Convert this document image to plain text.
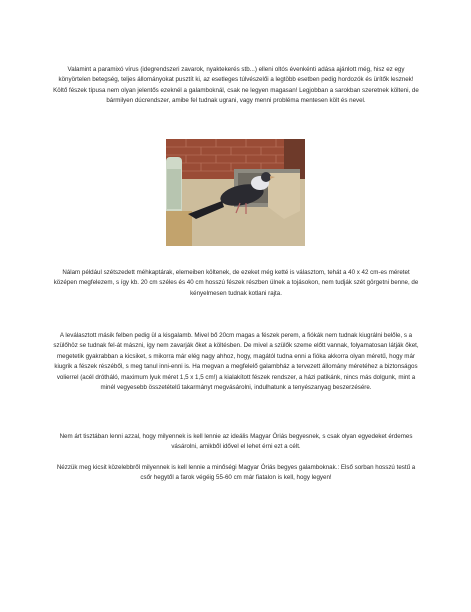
Valamint a paramixó vírus (idegrendszeri zavarok, nyaktekerés stb...) elleni oltós évenkénti adása ajánlott még, hisz ez egy könyörtelen betegség, teljes állományokat pusztít ki, az esetleges túlvészelői a legtöbb esetben pedig hordozók és ürítők lesznek! Költő fészek típusa nem olyan jelentős ezeknél a galamboknál, csak ne legyen magasan! Legjobban a sarokban szeretnek költeni, de bármilyen dúcrendszer, amibe fel tudnak ugrani, vagy menni probléma mentesen költ és nevel.

Nálam például szétszedett méhkaptárak, elemeiben költenek, de ezeket még ketté is választom, tehát a 40 x 42 cm-es méretet középen megfelezem, s így kb. 20 cm széles és 40 cm hosszú fészek részben ülnek a tojásokon, nem tudják szét görgetni benne, de kényelmesen tudnak kotlani rajta.

A leválasztott másik felben pedig ül a kisgalamb. Mivel bő 20cm magas a fészek perem, a fiókák nem tudnak kiugrálni belőle, s a szülőhöz se tudnak fel-át mászni, így nem zavarják őket a költésben. De mivel a szülők szeme előtt vannak, folyamatosan látják őket, megetetik gyakrabban a kicsiket, s mikorra már elég nagy ahhoz, hogy, magától tudna enni a fióka akkorra olyan méretű, hogy már kiugrik a fészek részéből, s meg tanul inni-enni is. Ha megvan a megfelelő galambház a tervezett állomány méretéhez a biztonságos volierrel (acél drótháló, maximum lyuk méret 1,5 x 1,5 cm!) a kialakított fészek rendszer, a házi patikánk, nincs más dolgunk, mint a minél vegyesebb összetételű takarmányt megvásárolni, indulhatunk a tenyészanyag beszerzésére.

Nem árt tisztában lenni azzal, hogy milyennek is kell lennie az ideális Magyar Óriás begyesnek, s csak olyan egyedeket érdemes vásárolni, amikből idővel el lehet érni ezt a célt.

Nézzük meg kicsit közelebbről milyennek is kell lennie a minőségi Magyar Óriás begyes galamboknak.: Első sorban hosszú testű a csőr hegytől a farok végéig 55-60 cm már fiatalon is kell, hogy legyen!
